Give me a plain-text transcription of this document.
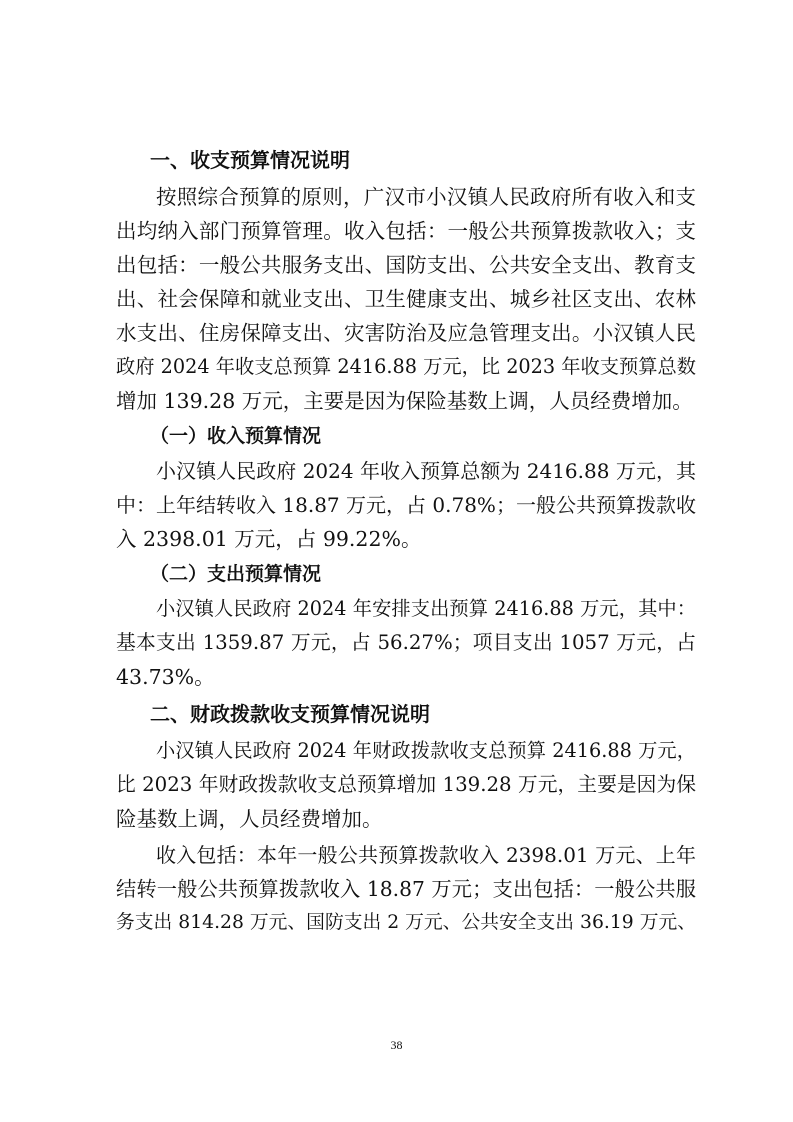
一、收支预算情况说明
按照综合预算的原则，广汉市小汉镇人民政府所有收入和支
出均纳入部门预算管理。收入包括：一般公共预算拨款收入；支
出包括：一般公共服务支出、国防支出、公共安全支出、教育支
出、社会保障和就业支出、卫生健康支出、城乡社区支出、农林
水支出、住房保障支出、灾害防治及应急管理支出。小汉镇人民
政府 2024 年收支总预算 2416.88 万元，比 2023 年收支预算总数
增加 139.28 万元，主要是因为保险基数上调，人员经费增加。
（一）收入预算情况
小汉镇人民政府 2024 年收入预算总额为 2416.88 万元，其
中：上年结转收入 18.87 万元，占 0.78%；一般公共预算拨款收
入 2398.01 万元，占 99.22%。
（二）支出预算情况
小汉镇人民政府 2024 年安排支出预算 2416.88 万元，其中：
基本支出 1359.87 万元，占 56.27%；项目支出 1057 万元，占
43.73%。
二、财政拨款收支预算情况说明
小汉镇人民政府 2024 年财政拨款收支总预算 2416.88 万元，
比 2023 年财政拨款收支总预算增加 139.28 万元，主要是因为保
险基数上调，人员经费增加。
收入包括：本年一般公共预算拨款收入 2398.01 万元、上年
结转一般公共预算拨款收入 18.87 万元；支出包括：一般公共服
务支出 814.28 万元、国防支出 2 万元、公共安全支出 36.19 万元、
38
